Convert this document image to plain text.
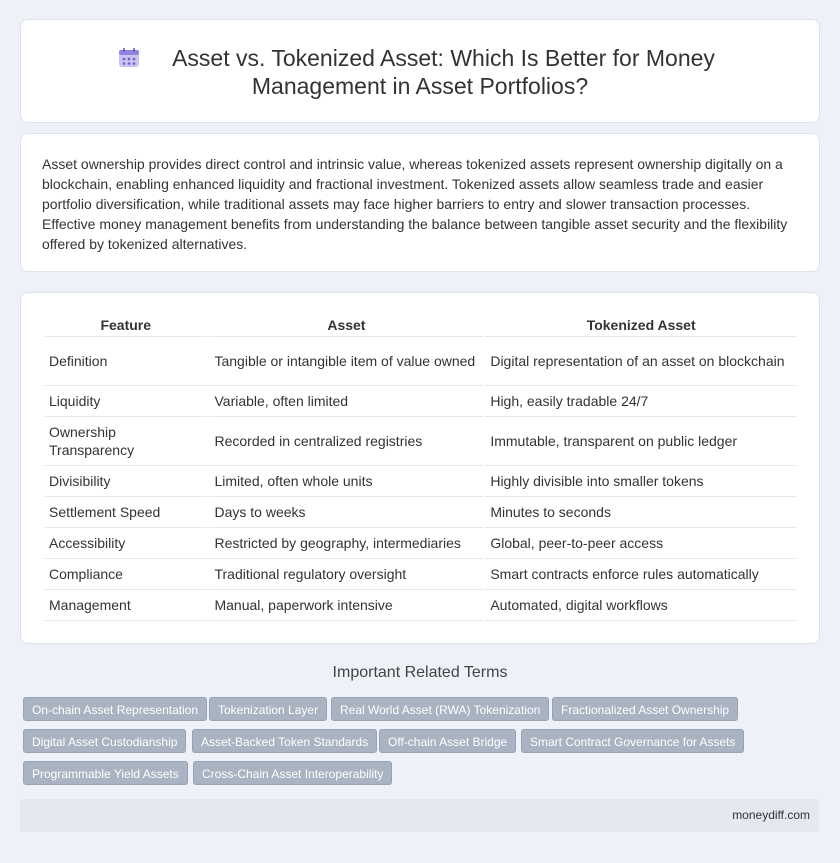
Asset vs. Tokenized Asset: Which Is Better for Money
Management in Asset Portfolios?
Asset ownership provides direct control and intrinsic value, whereas tokenized assets represent ownership digitally on a blockchain, enabling enhanced liquidity and fractional investment. Tokenized assets allow seamless trade and easier portfolio diversification, while traditional assets may face higher barriers to entry and slower transaction processes. Effective money management benefits from understanding the balance between tangible asset security and the flexibility offered by tokenized alternatives.
Feature	Asset	Tokenized Asset
Definition	Tangible or intangible item of value owned	Digital representation of an asset on blockchain
Liquidity	Variable, often limited	High, easily tradable 24/7
Ownership Transparency	Recorded in centralized registries	Immutable, transparent on public ledger
Divisibility	Limited, often whole units	Highly divisible into smaller tokens
Settlement Speed	Days to weeks	Minutes to seconds
Accessibility	Restricted by geography, intermediaries	Global, peer-to-peer access
Compliance	Traditional regulatory oversight	Smart contracts enforce rules automatically
Management	Manual, paperwork intensive	Automated, digital workflows
Important Related Terms
On-chain Asset Representation	Tokenization Layer	Real World Asset (RWA) Tokenization	Fractionalized Asset Ownership
Digital Asset Custodianship	Asset-Backed Token Standards	Off-chain Asset Bridge	Smart Contract Governance for Assets
Programmable Yield Assets	Cross-Chain Asset Interoperability
moneydiff.com
